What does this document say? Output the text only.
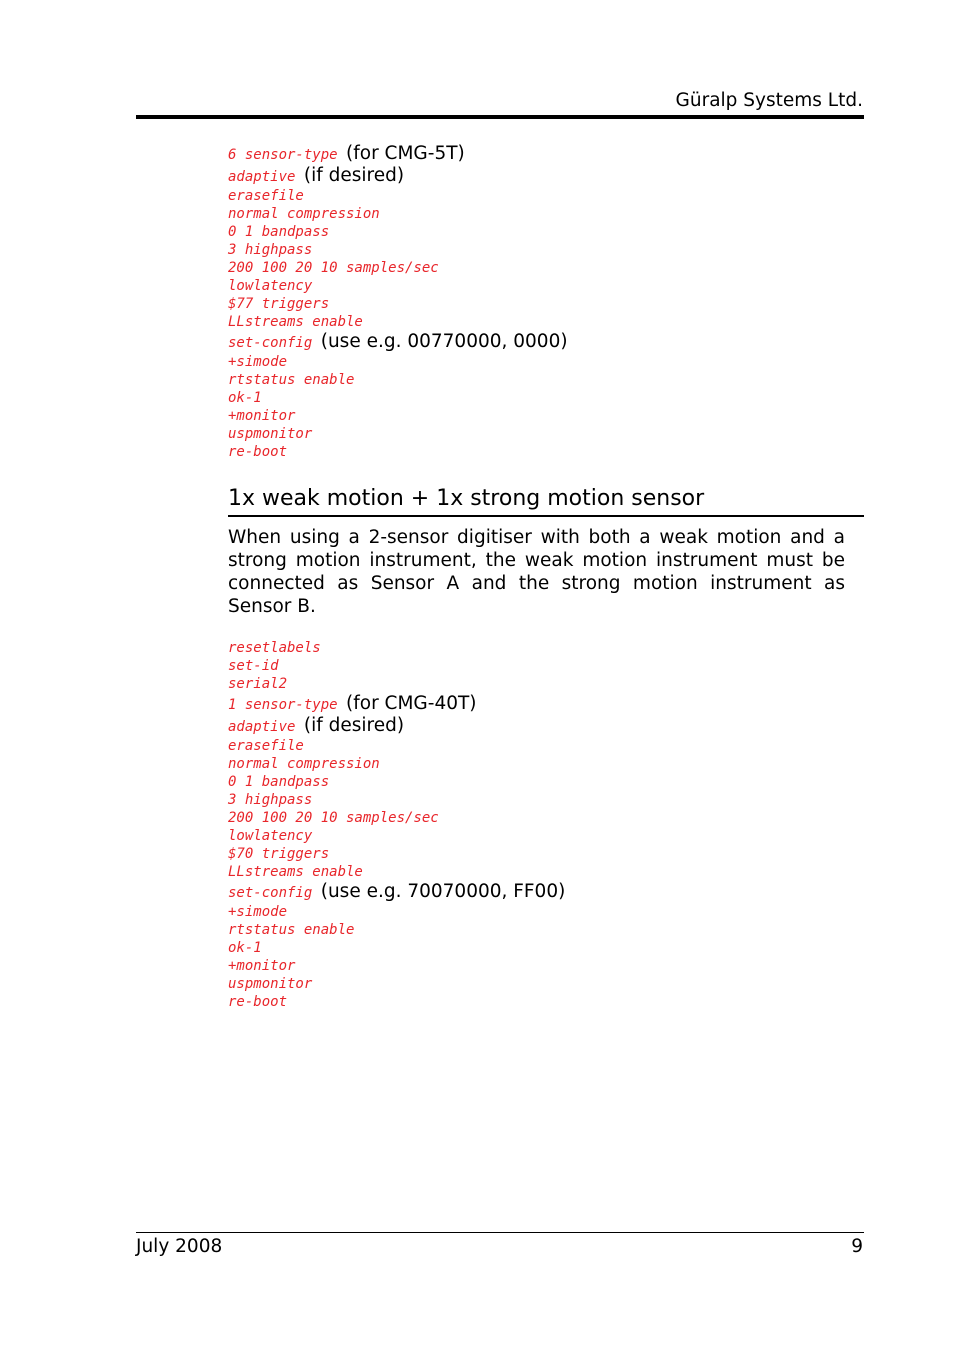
Güralp Systems Ltd.
6 sensor-type (for CMG-5T)
adaptive (if desired)
erasefile
normal compression
0 1 bandpass
3 highpass
200 100 20 10 samples/sec
lowlatency
$77 triggers
LLstreams enable
set-config (use e.g. 00770000, 0000)
+simode
rtstatus enable
ok-1
+monitor
uspmonitor
re-boot
1x weak motion + 1x strong motion sensor

When using a 2-sensor digitiser with both a weak motion and a strong motion instrument, the weak motion instrument must be connected as Sensor A and the strong motion instrument as Sensor B.

resetlabels
set-id
serial2
1 sensor-type (for CMG-40T)
adaptive (if desired)
erasefile
normal compression
0 1 bandpass
3 highpass
200 100 20 10 samples/sec
lowlatency
$70 triggers
LLstreams enable
set-config (use e.g. 70070000, FF00)
+simode
rtstatus enable
ok-1
+monitor
uspmonitor
re-boot
July 2008	9
